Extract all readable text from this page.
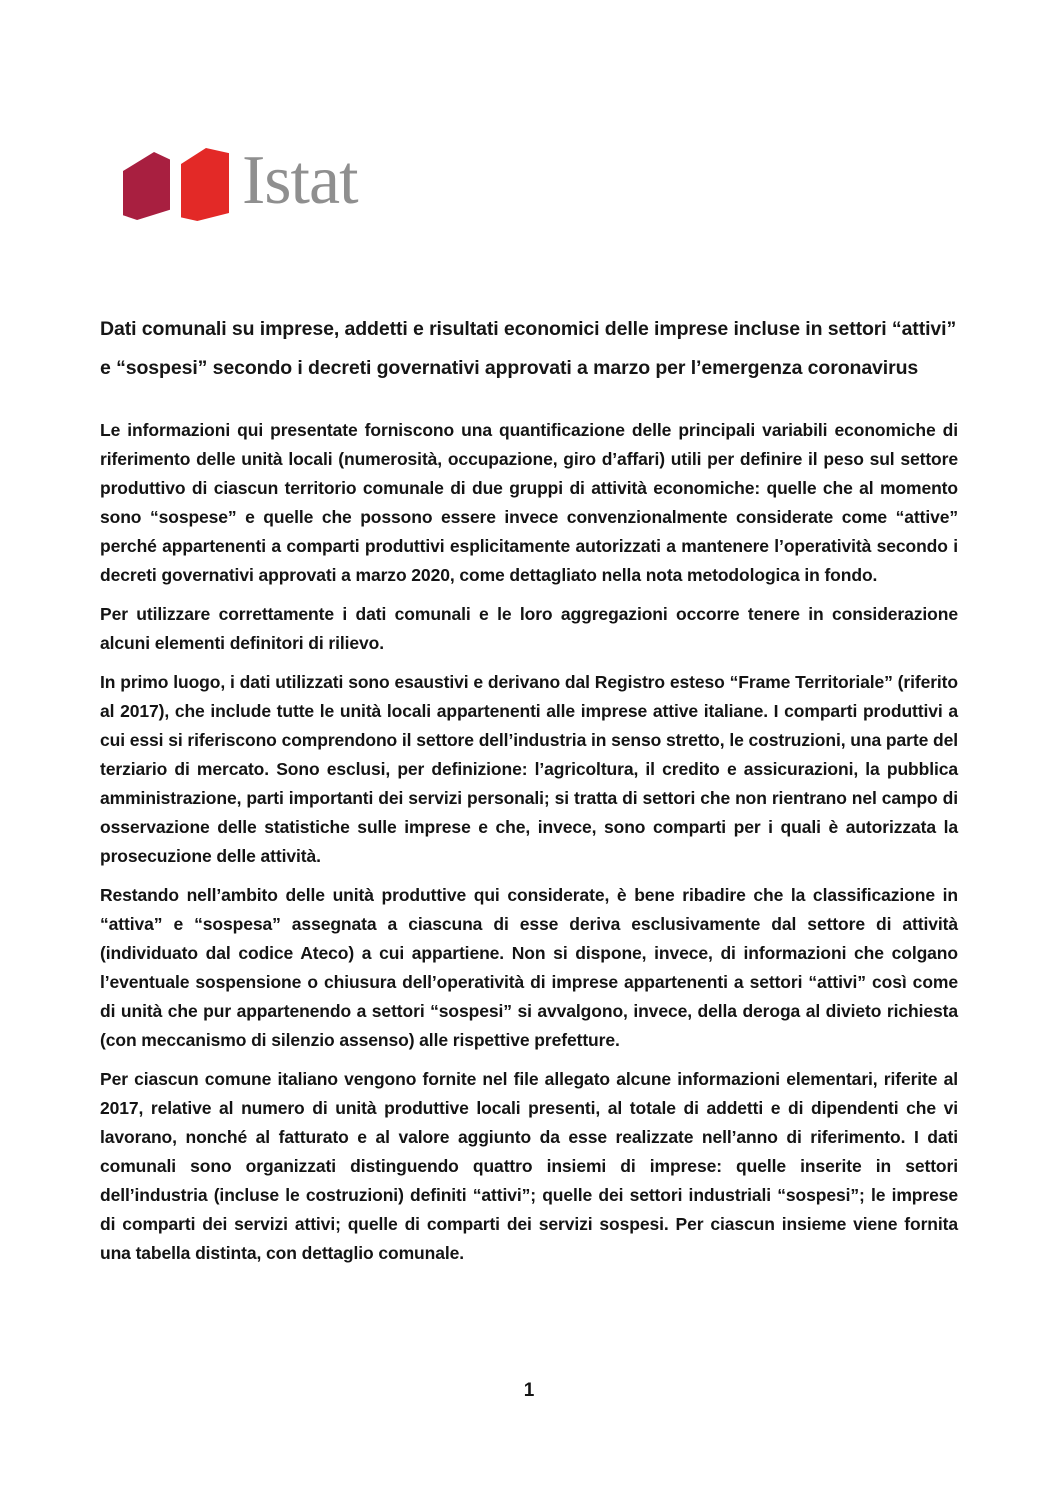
Istat
Dati comunali su imprese, addetti e risultati economici delle imprese incluse in settori “attivi” e “sospesi” secondo i decreti governativi approvati a marzo per l’emergenza coronavirus

Le informazioni qui presentate forniscono una quantificazione delle principali variabili economiche di riferimento delle unità locali (numerosità, occupazione, giro d’affari) utili per definire il peso sul settore produttivo di ciascun territorio comunale di due gruppi di attività economiche: quelle che al momento sono “sospese” e quelle che possono essere invece convenzionalmente considerate come “attive” perché appartenenti a comparti produttivi esplicitamente autorizzati a mantenere l’operatività secondo i decreti governativi approvati a marzo 2020, come dettagliato nella nota metodologica in fondo.

Per utilizzare correttamente i dati comunali e le loro aggregazioni occorre tenere in considerazione alcuni elementi definitori di rilievo.

In primo luogo, i dati utilizzati sono esaustivi e derivano dal Registro esteso “Frame Territoriale” (riferito al 2017), che include tutte le unità locali appartenenti alle imprese attive italiane. I comparti produttivi a cui essi si riferiscono comprendono il settore dell’industria in senso stretto, le costruzioni, una parte del terziario di mercato. Sono esclusi, per definizione: l’agricoltura, il credito e assicurazioni, la pubblica amministrazione, parti importanti dei servizi personali; si tratta di settori che non rientrano nel campo di osservazione delle statistiche sulle imprese e che, invece, sono comparti per i quali è autorizzata la prosecuzione delle attività.

Restando nell’ambito delle unità produttive qui considerate, è bene ribadire che la classificazione in “attiva” e “sospesa” assegnata a ciascuna di esse deriva esclusivamente dal settore di attività (individuato dal codice Ateco) a cui appartiene. Non si dispone, invece, di informazioni che colgano l’eventuale sospensione o chiusura dell’operatività di imprese appartenenti a settori “attivi” così come di unità che pur appartenendo a settori “sospesi” si avvalgono, invece, della deroga al divieto richiesta (con meccanismo di silenzio assenso) alle rispettive prefetture.

Per ciascun comune italiano vengono fornite nel file allegato alcune informazioni elementari, riferite al 2017, relative al numero di unità produttive locali presenti, al totale di addetti e di dipendenti che vi lavorano, nonché al fatturato e al valore aggiunto da esse realizzate nell’anno di riferimento. I dati comunali sono organizzati distinguendo quattro insiemi di imprese: quelle inserite in settori dell’industria (incluse le costruzioni) definiti “attivi”; quelle dei settori industriali “sospesi”; le imprese di comparti dei servizi attivi; quelle di comparti dei servizi sospesi. Per ciascun insieme viene fornita una tabella distinta, con dettaglio comunale.

1
